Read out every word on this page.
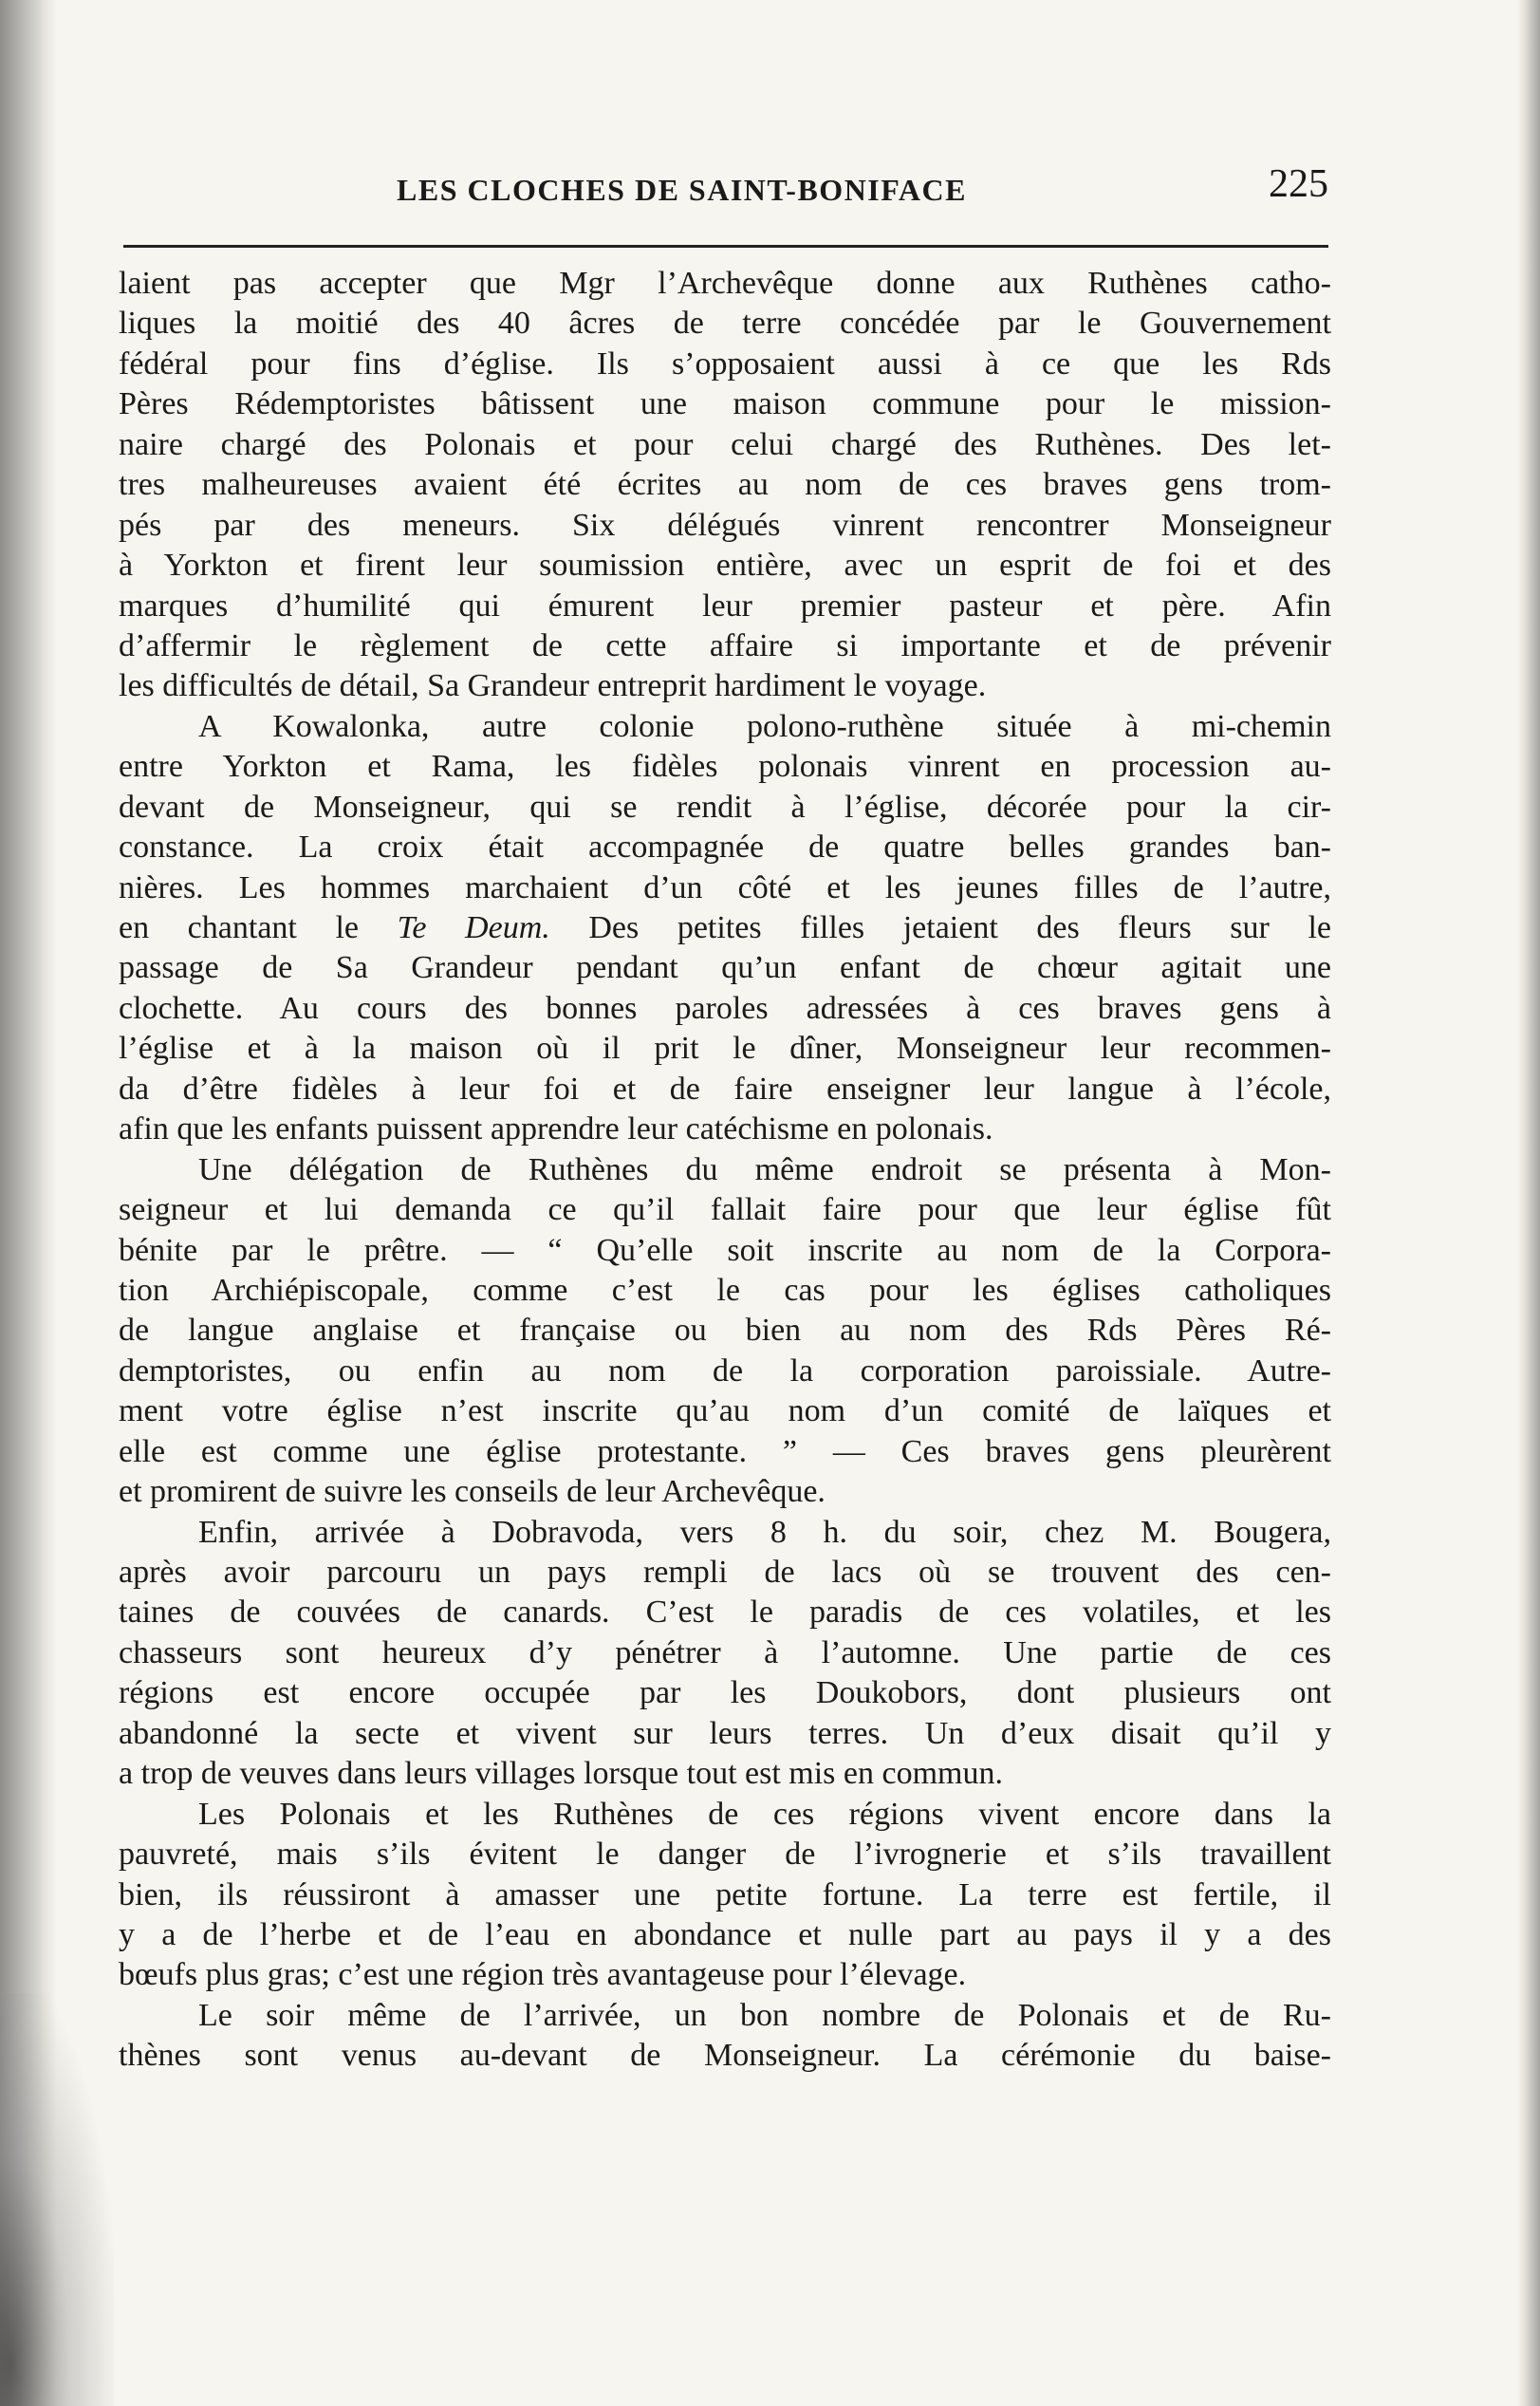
LES CLOCHES DE SAINT-BONIFACE	225
laient pas accepter que Mgr l’Archevêque donne aux Ruthènes catho-
liques la moitié des 40 âcres de terre concédée par le Gouvernement
fédéral pour fins d’église. Ils s’opposaient aussi à ce que les Rds
Pères Rédemptoristes bâtissent une maison commune pour le mission-
naire chargé des Polonais et pour celui chargé des Ruthènes. Des let-
tres malheureuses avaient été écrites au nom de ces braves gens trom-
pés par des meneurs. Six délégués vinrent rencontrer Monseigneur
à Yorkton et firent leur soumission entière, avec un esprit de foi et des
marques d’humilité qui émurent leur premier pasteur et père. Afin
d’affermir le règlement de cette affaire si importante et de prévenir
les difficultés de détail, Sa Grandeur entreprit hardiment le voyage.
A Kowalonka, autre colonie polono-ruthène située à mi-chemin
entre Yorkton et Rama, les fidèles polonais vinrent en procession au-
devant de Monseigneur, qui se rendit à l’église, décorée pour la cir-
constance. La croix était accompagnée de quatre belles grandes ban-
nières. Les hommes marchaient d’un côté et les jeunes filles de l’autre,
en chantant le Te Deum. Des petites filles jetaient des fleurs sur le
passage de Sa Grandeur pendant qu’un enfant de chœur agitait une
clochette. Au cours des bonnes paroles adressées à ces braves gens à
l’église et à la maison où il prit le dîner, Monseigneur leur recommen-
da d’être fidèles à leur foi et de faire enseigner leur langue à l’école,
afin que les enfants puissent apprendre leur catéchisme en polonais.
Une délégation de Ruthènes du même endroit se présenta à Mon-
seigneur et lui demanda ce qu’il fallait faire pour que leur église fût
bénite par le prêtre. — “ Qu’elle soit inscrite au nom de la Corpora-
tion Archiépiscopale, comme c’est le cas pour les églises catholiques
de langue anglaise et française ou bien au nom des Rds Pères Ré-
demptoristes, ou enfin au nom de la corporation paroissiale. Autre-
ment votre église n’est inscrite qu’au nom d’un comité de laïques et
elle est comme une église protestante. ” — Ces braves gens pleurèrent
et promirent de suivre les conseils de leur Archevêque.
Enfin, arrivée à Dobravoda, vers 8 h. du soir, chez M. Bougera,
après avoir parcouru un pays rempli de lacs où se trouvent des cen-
taines de couvées de canards. C’est le paradis de ces volatiles, et les
chasseurs sont heureux d’y pénétrer à l’automne. Une partie de ces
régions est encore occupée par les Doukobors, dont plusieurs ont
abandonné la secte et vivent sur leurs terres. Un d’eux disait qu’il y
a trop de veuves dans leurs villages lorsque tout est mis en commun.
Les Polonais et les Ruthènes de ces régions vivent encore dans la
pauvreté, mais s’ils évitent le danger de l’ivrognerie et s’ils travaillent
bien, ils réussiront à amasser une petite fortune. La terre est fertile, il
y a de l’herbe et de l’eau en abondance et nulle part au pays il y a des
bœufs plus gras; c’est une région très avantageuse pour l’élevage.
Le soir même de l’arrivée, un bon nombre de Polonais et de Ru-
thènes sont venus au-devant de Monseigneur. La cérémonie du baise-
